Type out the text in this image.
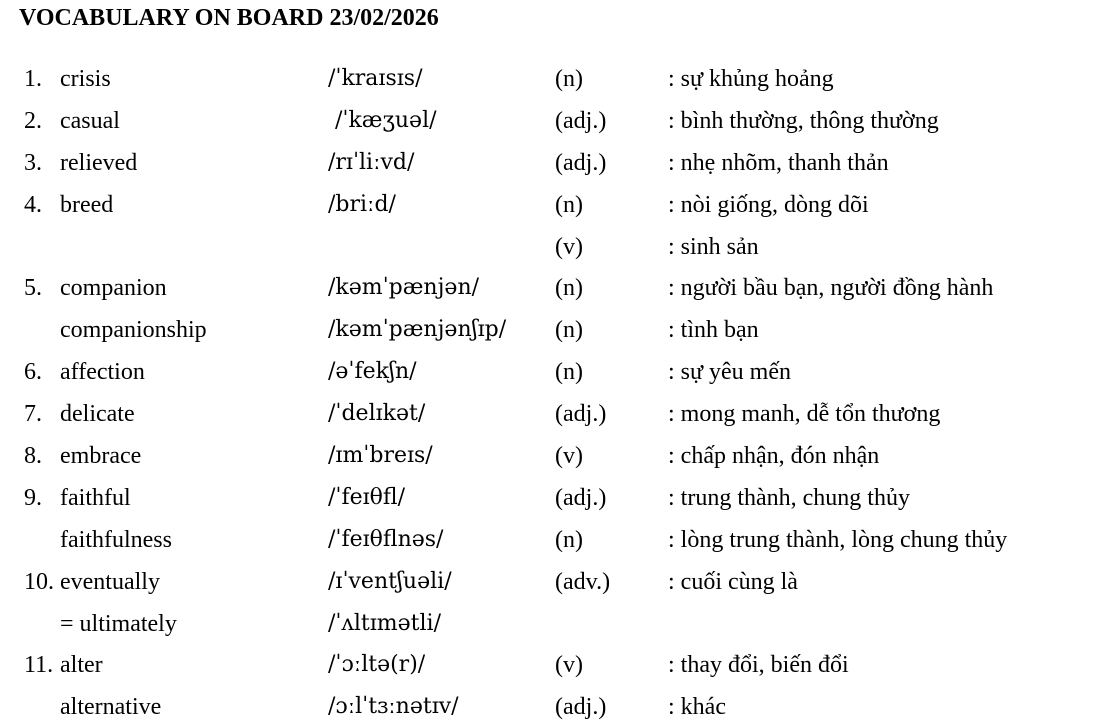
VOCABULARY ON BOARD 23/02/2026
1. crisis	/ˈkraɪsɪs/	(n)	: sự khủng hoảng
2. casual	/ˈkæʒuəl/	(adj.)	: bình thường, thông thường
3. relieved	/rɪˈliːvd/	(adj.)	: nhẹ nhõm, thanh thản
4. breed	/briːd/	(n)	: nòi giống, dòng dõi
(v)	: sinh sản
5. companion	/kəmˈpænjən/	(n)	: người bầu bạn, người đồng hành
companionship	/kəmˈpænjənʃɪp/ (n)	: tình bạn
6. affection	/əˈfekʃn/	(n)	: sự yêu mến
7. delicate	/ˈdelɪkət/	(adj.)	: mong manh, dễ tổn thương
8. embrace	/ɪmˈbreɪs/	(v)	: chấp nhận, đón nhận
9. faithful	/ˈfeɪθfl/	(adj.)	: trung thành, chung thủy
faithfulness	/ˈfeɪθflnəs/	(n)	: lòng trung thành, lòng chung thủy
10. eventually	/ɪˈventʃuəli/	(adv.) : cuối cùng là
= ultimately	/ˈʌltɪmətli/
11. alter	/ˈɔːltə(r)/	(v)	: thay đổi, biến đổi
alternative	/ɔːlˈtɜːnətɪv/	(adj.)	: khác
